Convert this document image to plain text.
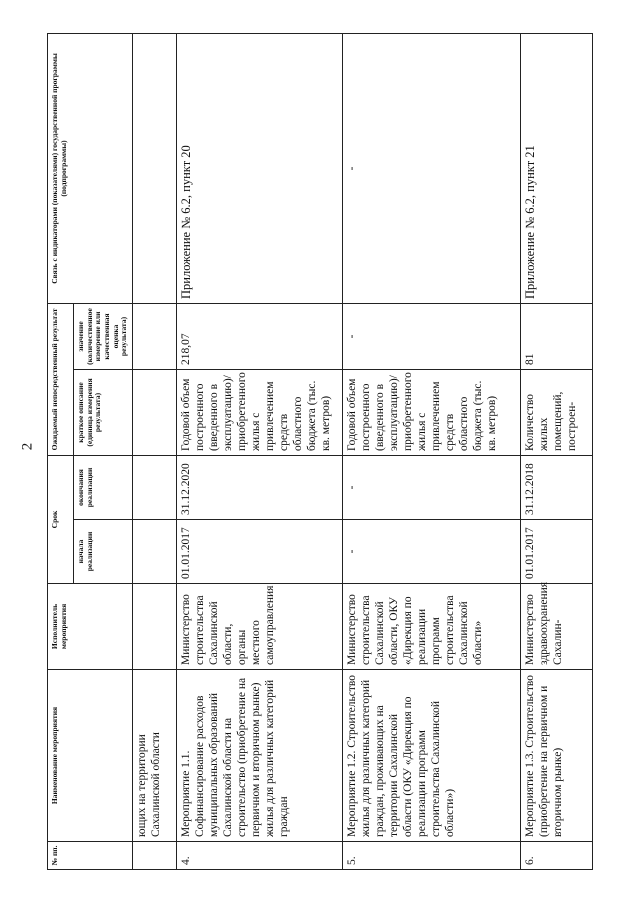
2
№ пп.	Наименование мероприятия	Исполнитель мероприятия	Срок		Ожидаемый непосредственный результат		Связь с индикаторами (показателями) государственной программы (подпрограммы)
			начала реализации	окончания реализации	краткое описание (единица измерения результата)	значение (количественное измерение или качественная оценка результата)	
	ющих на территории Сахалинской области						
4.	Мероприятие 1.1. Софинансирование расходов муниципальных образований Сахалинской области на строительство (приобретение на первичном и вторичном рынке) жилья для различных категорий граждан	Министерство строительства Сахалинской области, органы местного самоуправления	01.01.2017	31.12.2020	Годовой объем построенного (введенного в эксплуатацию)/ приобретенного жилья с привлечением средств областного бюджета (тыс. кв. метров)	218,07	Приложение № 6.2, пункт 20
5.	Мероприятие 1.2. Строительство жилья для различных категорий граждан, проживающих на территории Сахалинской области (ОКУ «Дирекция по реализации программ строительства Сахалинской области»)	Министерство строительства Сахалинской области, ОКУ «Дирекция по реализации программ строительства Сахалинской области»	-	-	Годовой объем построенного (введенного в эксплуатацию)/ приобретенного жилья с привлечением средств областного бюджета (тыс. кв. метров)	-	-
6.	Мероприятие 1.3. Строительство (приобретение на первичном и вторичном рынке)	Министерство здравоохранения Сахалин-	01.01.2017	31.12.2018	Количество жилых помещений, построен-	81	Приложение № 6.2, пункт 21
